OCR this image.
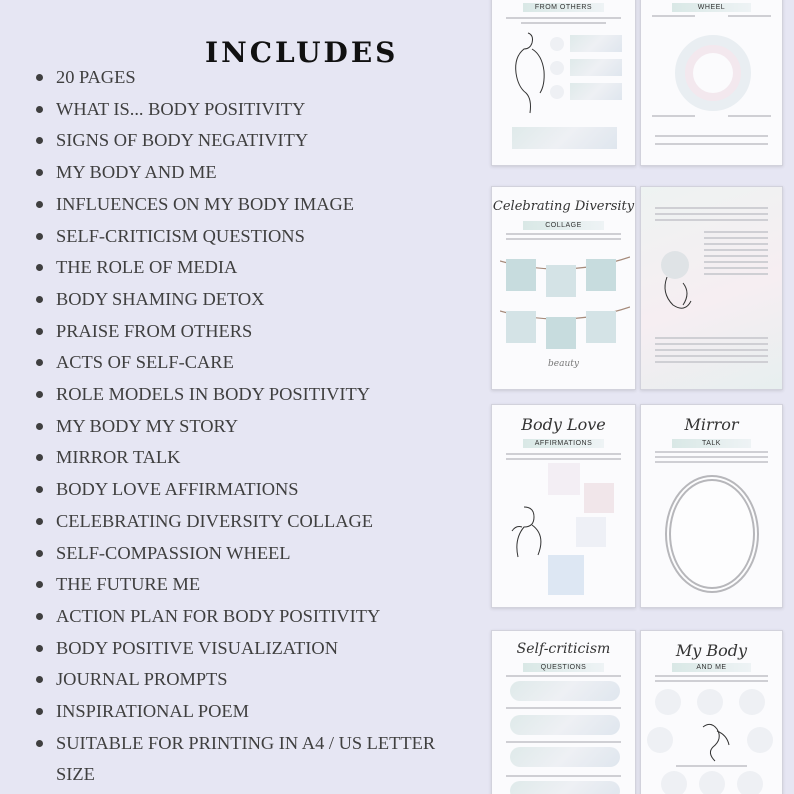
INCLUDES
20 PAGES
WHAT IS... BODY POSITIVITY
SIGNS OF BODY NEGATIVITY
MY BODY AND ME
INFLUENCES ON MY BODY IMAGE
SELF-CRITICISM QUESTIONS
THE ROLE OF MEDIA
BODY SHAMING DETOX
PRAISE FROM OTHERS
ACTS OF SELF-CARE
ROLE MODELS IN BODY POSITIVITY
MY BODY MY STORY
MIRROR TALK
BODY LOVE AFFIRMATIONS
CELEBRATING DIVERSITY COLLAGE
SELF-COMPASSION WHEEL
THE FUTURE ME
ACTION PLAN FOR BODY POSITIVITY
BODY POSITIVE VISUALIZATION
JOURNAL PROMPTS
INSPIRATIONAL POEM
SUITABLE FOR PRINTING IN A4 / US LETTER SIZE
FROM OTHERS	WHEEL
Celebrating Diversity
COLLAGE
beauty
Body Love
AFFIRMATIONS
Mirror
TALK
Self-criticism
QUESTIONS
My Body
AND ME
